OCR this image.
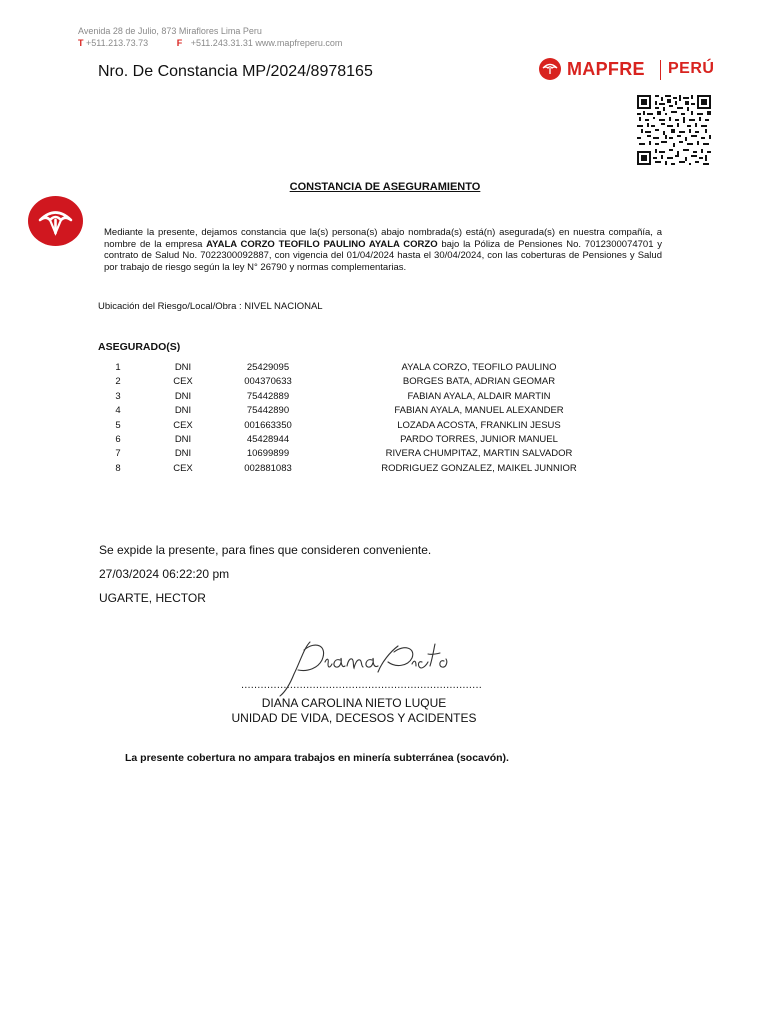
Avenida 28 de Julio, 873 Miraflores Lima Peru
T +511.213.73.73	F +511.243.31.31 www.mapfreperu.com
Nro. De Constancia MP/2024/8978165	MAPFRE PERÚ
CONSTANCIA DE ASEGURAMIENTO
Mediante la presente, dejamos constancia que la(s) persona(s) abajo nombrada(s) está(n) asegurada(s) en nuestra compañía, a nombre de la empresa AYALA CORZO TEOFILO PAULINO AYALA CORZO bajo la Póliza de Pensiones No. 7012300074701 y contrato de Salud No. 7022300092887, con vigencia del 01/04/2024 hasta el 30/04/2024, con las coberturas de Pensiones y Salud por trabajo de riesgo según la ley N° 26790 y normas complementarias.
Ubicación del Riesgo/Local/Obra : NIVEL NACIONAL
ASEGURADO(S)
1	DNI	25429095	AYALA CORZO, TEOFILO PAULINO
2	CEX	004370633	BORGES BATA, ADRIAN GEOMAR
3	DNI	75442889	FABIAN AYALA, ALDAIR MARTIN
4	DNI	75442890	FABIAN AYALA, MANUEL ALEXANDER
5	CEX	001663350	LOZADA ACOSTA, FRANKLIN JESUS
6	DNI	45428944	PARDO TORRES, JUNIOR MANUEL
7	DNI	10699899	RIVERA CHUMPITAZ, MARTIN SALVADOR
8	CEX	002881083	RODRIGUEZ GONZALEZ, MAIKEL JUNNIOR
Se expide la presente, para fines que consideren conveniente.
27/03/2024 06:22:20 pm
UGARTE, HECTOR
..........................................................................
DIANA CAROLINA NIETO LUQUE
UNIDAD DE VIDA, DECESOS Y ACIDENTES
La presente cobertura no ampara trabajos en minería subterránea (socavón).
